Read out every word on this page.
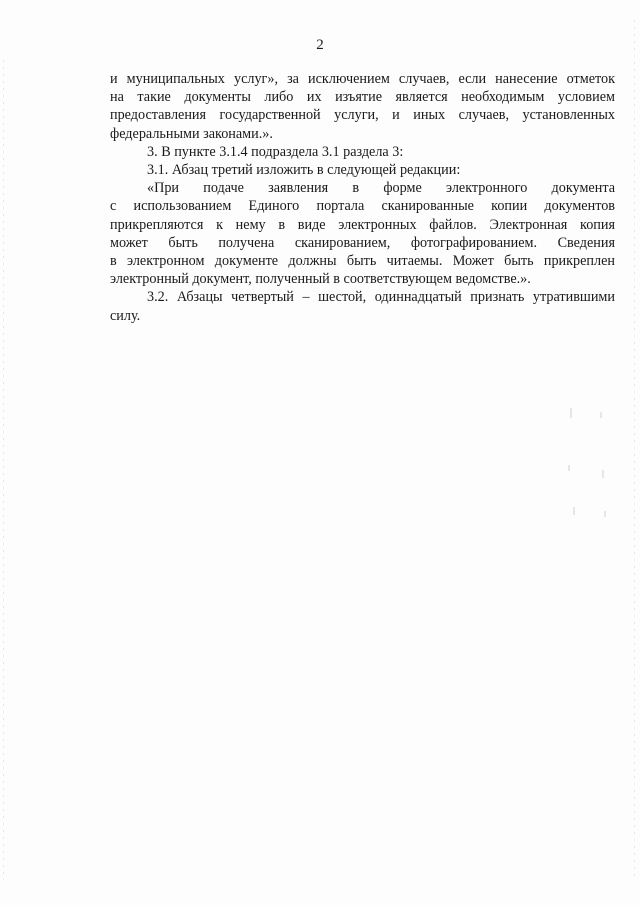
2

и муниципальных услуг», за исключением случаев, если нанесение отметок
на такие документы либо их изъятие является необходимым условием
предоставления государственной услуги, и иных случаев, установленных
федеральными законами.».

3. В пункте 3.1.4 подраздела 3.1 раздела 3:

3.1. Абзац третий изложить в следующей редакции:

«При подаче заявления в форме электронного документа
с использованием Единого портала сканированные копии документов
прикрепляются к нему в виде электронных файлов. Электронная копия
может быть получена сканированием, фотографированием. Сведения
в электронном документе должны быть читаемы. Может быть прикреплен
электронный документ, полученный в соответствующем ведомстве.».

3.2. Абзацы четвертый – шестой, одиннадцатый признать утратившими
силу.
